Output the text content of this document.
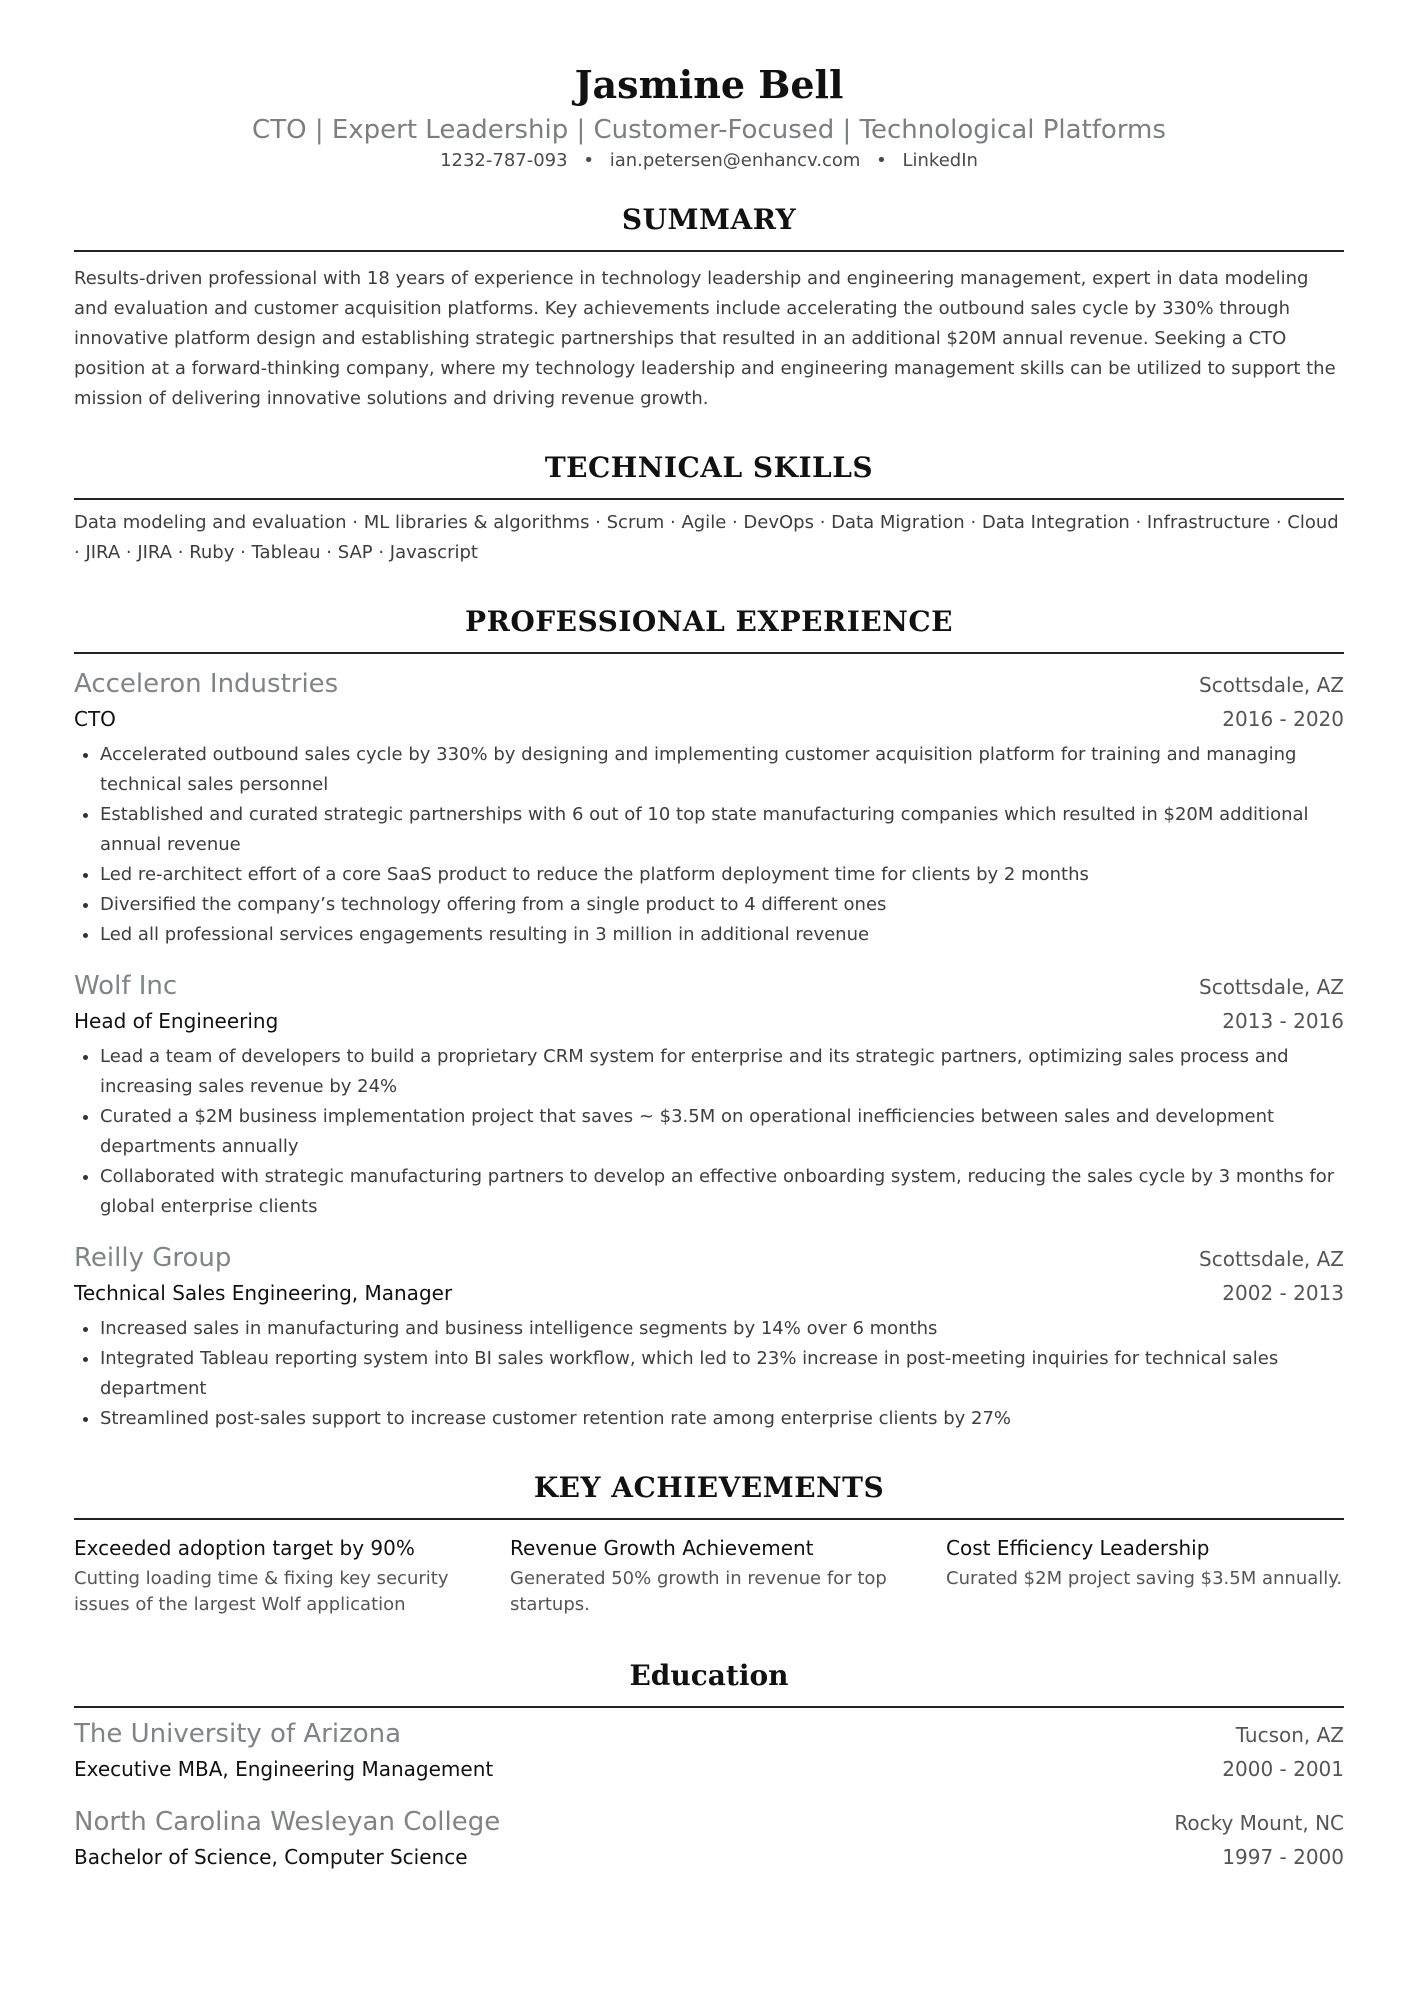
Jasmine Bell
CTO | Expert Leadership | Customer-Focused | Technological Platforms
1232-787-093 • ian.petersen@enhancv.com • LinkedIn
SUMMARY
Results-driven professional with 18 years of experience in technology leadership and engineering management, expert in data modeling and evaluation and customer acquisition platforms. Key achievements include accelerating the outbound sales cycle by 330% through innovative platform design and establishing strategic partnerships that resulted in an additional $20M annual revenue. Seeking a CTO position at a forward-thinking company, where my technology leadership and engineering management skills can be utilized to support the mission of delivering innovative solutions and driving revenue growth.
TECHNICAL SKILLS
Data modeling and evaluation · ML libraries & algorithms · Scrum · Agile · DevOps · Data Migration · Data Integration · Infrastructure · Cloud · JIRA · JIRA · Ruby · Tableau · SAP · Javascript
PROFESSIONAL EXPERIENCE
Acceleron Industries	Scottsdale, AZ
CTO	2016 - 2020
• Accelerated outbound sales cycle by 330% by designing and implementing customer acquisition platform for training and managing technical sales personnel
• Established and curated strategic partnerships with 6 out of 10 top state manufacturing companies which resulted in $20M additional annual revenue
• Led re-architect effort of a core SaaS product to reduce the platform deployment time for clients by 2 months
• Diversified the company’s technology offering from a single product to 4 different ones
• Led all professional services engagements resulting in 3 million in additional revenue
Wolf Inc	Scottsdale, AZ
Head of Engineering	2013 - 2016
• Lead a team of developers to build a proprietary CRM system for enterprise and its strategic partners, optimizing sales process and increasing sales revenue by 24%
• Curated a $2M business implementation project that saves ~ $3.5M on operational inefficiencies between sales and development departments annually
• Collaborated with strategic manufacturing partners to develop an effective onboarding system, reducing the sales cycle by 3 months for global enterprise clients
Reilly Group	Scottsdale, AZ
Technical Sales Engineering, Manager	2002 - 2013
• Increased sales in manufacturing and business intelligence segments by 14% over 6 months
• Integrated Tableau reporting system into BI sales workflow, which led to 23% increase in post-meeting inquiries for technical sales department
• Streamlined post-sales support to increase customer retention rate among enterprise clients by 27%
KEY ACHIEVEMENTS
Exceeded adoption target by 90%
Cutting loading time & fixing key security issues of the largest Wolf application
Revenue Growth Achievement
Generated 50% growth in revenue for top startups.
Cost Efficiency Leadership
Curated $2M project saving $3.5M annually.
Education
The University of Arizona	Tucson, AZ
Executive MBA, Engineering Management	2000 - 2001
North Carolina Wesleyan College	Rocky Mount, NC
Bachelor of Science, Computer Science	1997 - 2000
